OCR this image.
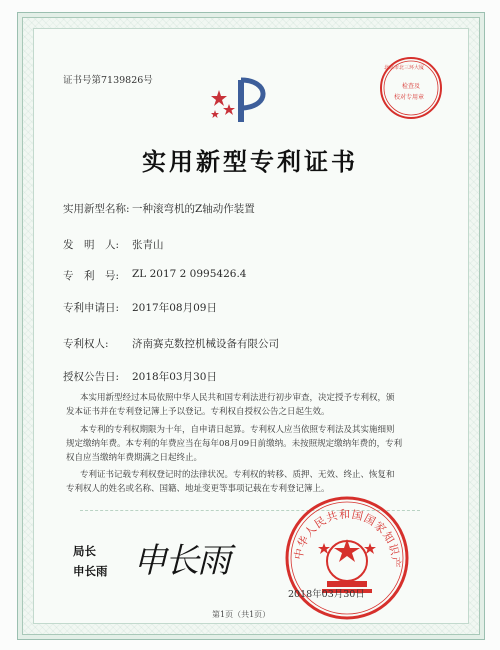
证书号第7139826号
北京市北三环大厦
检查及
校对专用章
实用新型专利证书
实用新型名称: 一种滚弯机的Z轴动作装置
发　明　人: 张青山
专　利　号: ZL 2017 2 0995426.4
专利申请日: 2017年08月09日
专利权人: 济南赛克数控机械设备有限公司
授权公告日: 2018年03月30日
本实用新型经过本局依照中华人民共和国专利法进行初步审查，决定授予专利权，颁
发本证书并在专利登记簿上予以登记。专利权自授权公告之日起生效。
本专利的专利权期限为十年，自申请日起算。专利权人应当依照专利法及其实施细则
规定缴纳年费。本专利的年费应当在每年08月09日前缴纳。未按照规定缴纳年费的，专利
权自应当缴纳年费期满之日起终止。
专利证书记载专利权登记时的法律状况。专利权的转移、质押、无效、终止、恢复和
专利权人的姓名或名称、国籍、地址变更等事项记载在专利登记簿上。
局长
申长雨 申长雨	中华人民共和国国家知识产
2018年03月30日
第1页（共1页）
